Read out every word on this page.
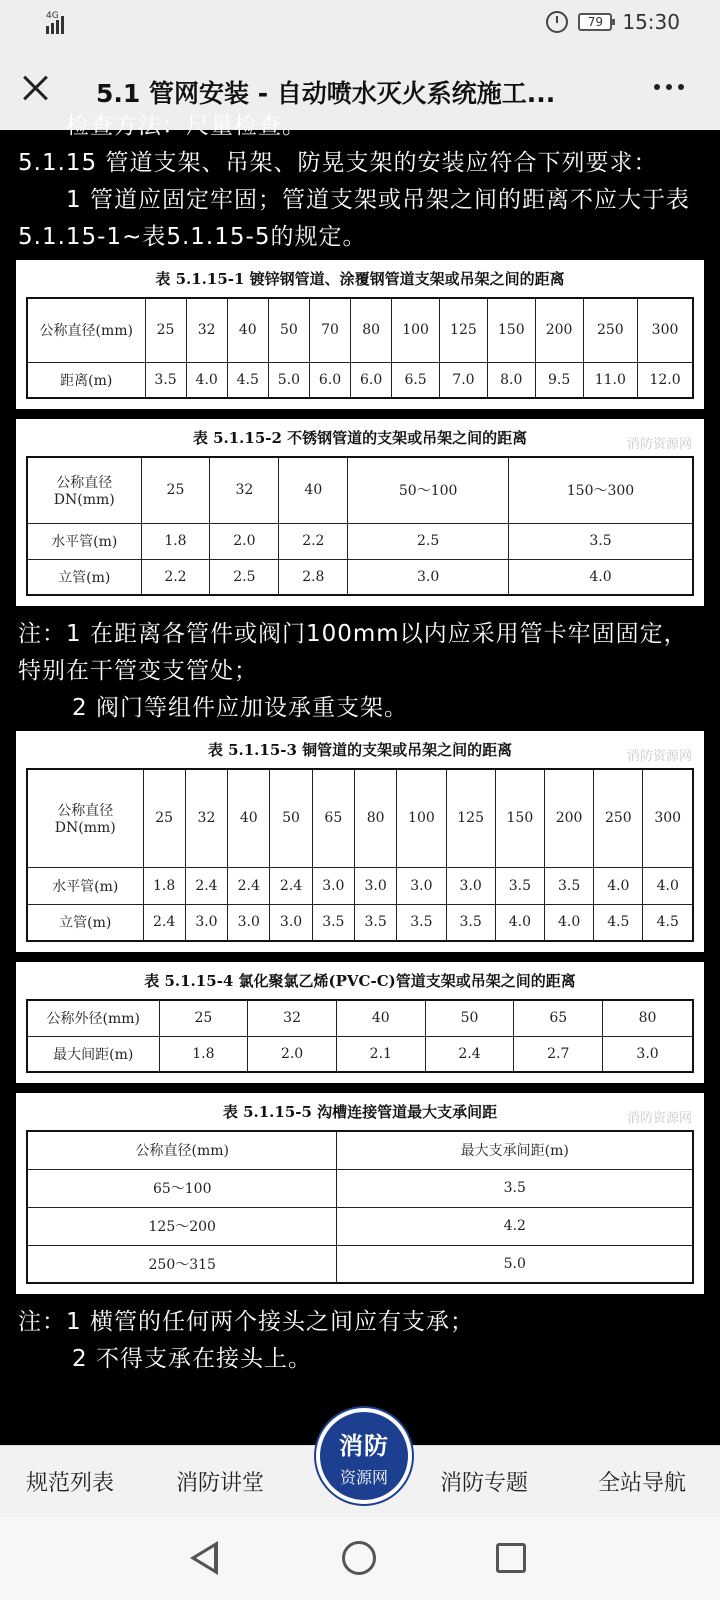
4G	79 15:30
5.1 管网安装 - 自动喷水灭火系统施工...
检查方法：尺量检查。
5.1.15 管道支架、吊架、防晃支架的安装应符合下列要求：
1 管道应固定牢固；管道支架或吊架之间的距离不应大于表5.1.15-1~表5.1.15-5的规定。
表 5.1.15-1 镀锌钢管道、涂覆钢管道支架或吊架之间的距离
公称直径(mm)	25	32	40	50	70	80	100	125	150	200	250	300
距离(m)	3.5	4.0	4.5	5.0	6.0	6.0	6.5	7.0	8.0	9.5	11.0	12.0
消防资源网
表 5.1.15-2 不锈钢管道的支架或吊架之间的距离
公称直径 DN(mm)	25	32	40	50～100	150～300
水平管(m)	1.8	2.0	2.2	2.5	3.5
立管(m)	2.2	2.5	2.8	3.0	4.0
注：1 在距离各管件或阀门100mm以内应采用管卡牢固固定，特别在干管变支管处；
2 阀门等组件应加设承重支架。
消防资源网
表 5.1.15-3 铜管道的支架或吊架之间的距离
公称直径 DN(mm)	25	32	40	50	65	80	100	125	150	200	250	300
水平管(m)	1.8	2.4	2.4	2.4	3.0	3.0	3.0	3.0	3.5	3.5	4.0	4.0
立管(m)	2.4	3.0	3.0	3.0	3.5	3.5	3.5	3.5	4.0	4.0	4.5	4.5
表 5.1.15-4 氯化聚氯乙烯(PVC-C)管道支架或吊架之间的距离
公称外径(mm)	25	32	40	50	65	80
最大间距(m)	1.8	2.0	2.1	2.4	2.7	3.0
消防资源网
表 5.1.15-5 沟槽连接管道最大支承间距
公称直径(mm)	最大支承间距(m)
65～100	3.5
125～200	4.2
250～315	5.0
注：1 横管的任何两个接头之间应有支承；
2 不得支承在接头上。
规范列表	消防讲堂	消防专题	全站导航
消防
资源网
